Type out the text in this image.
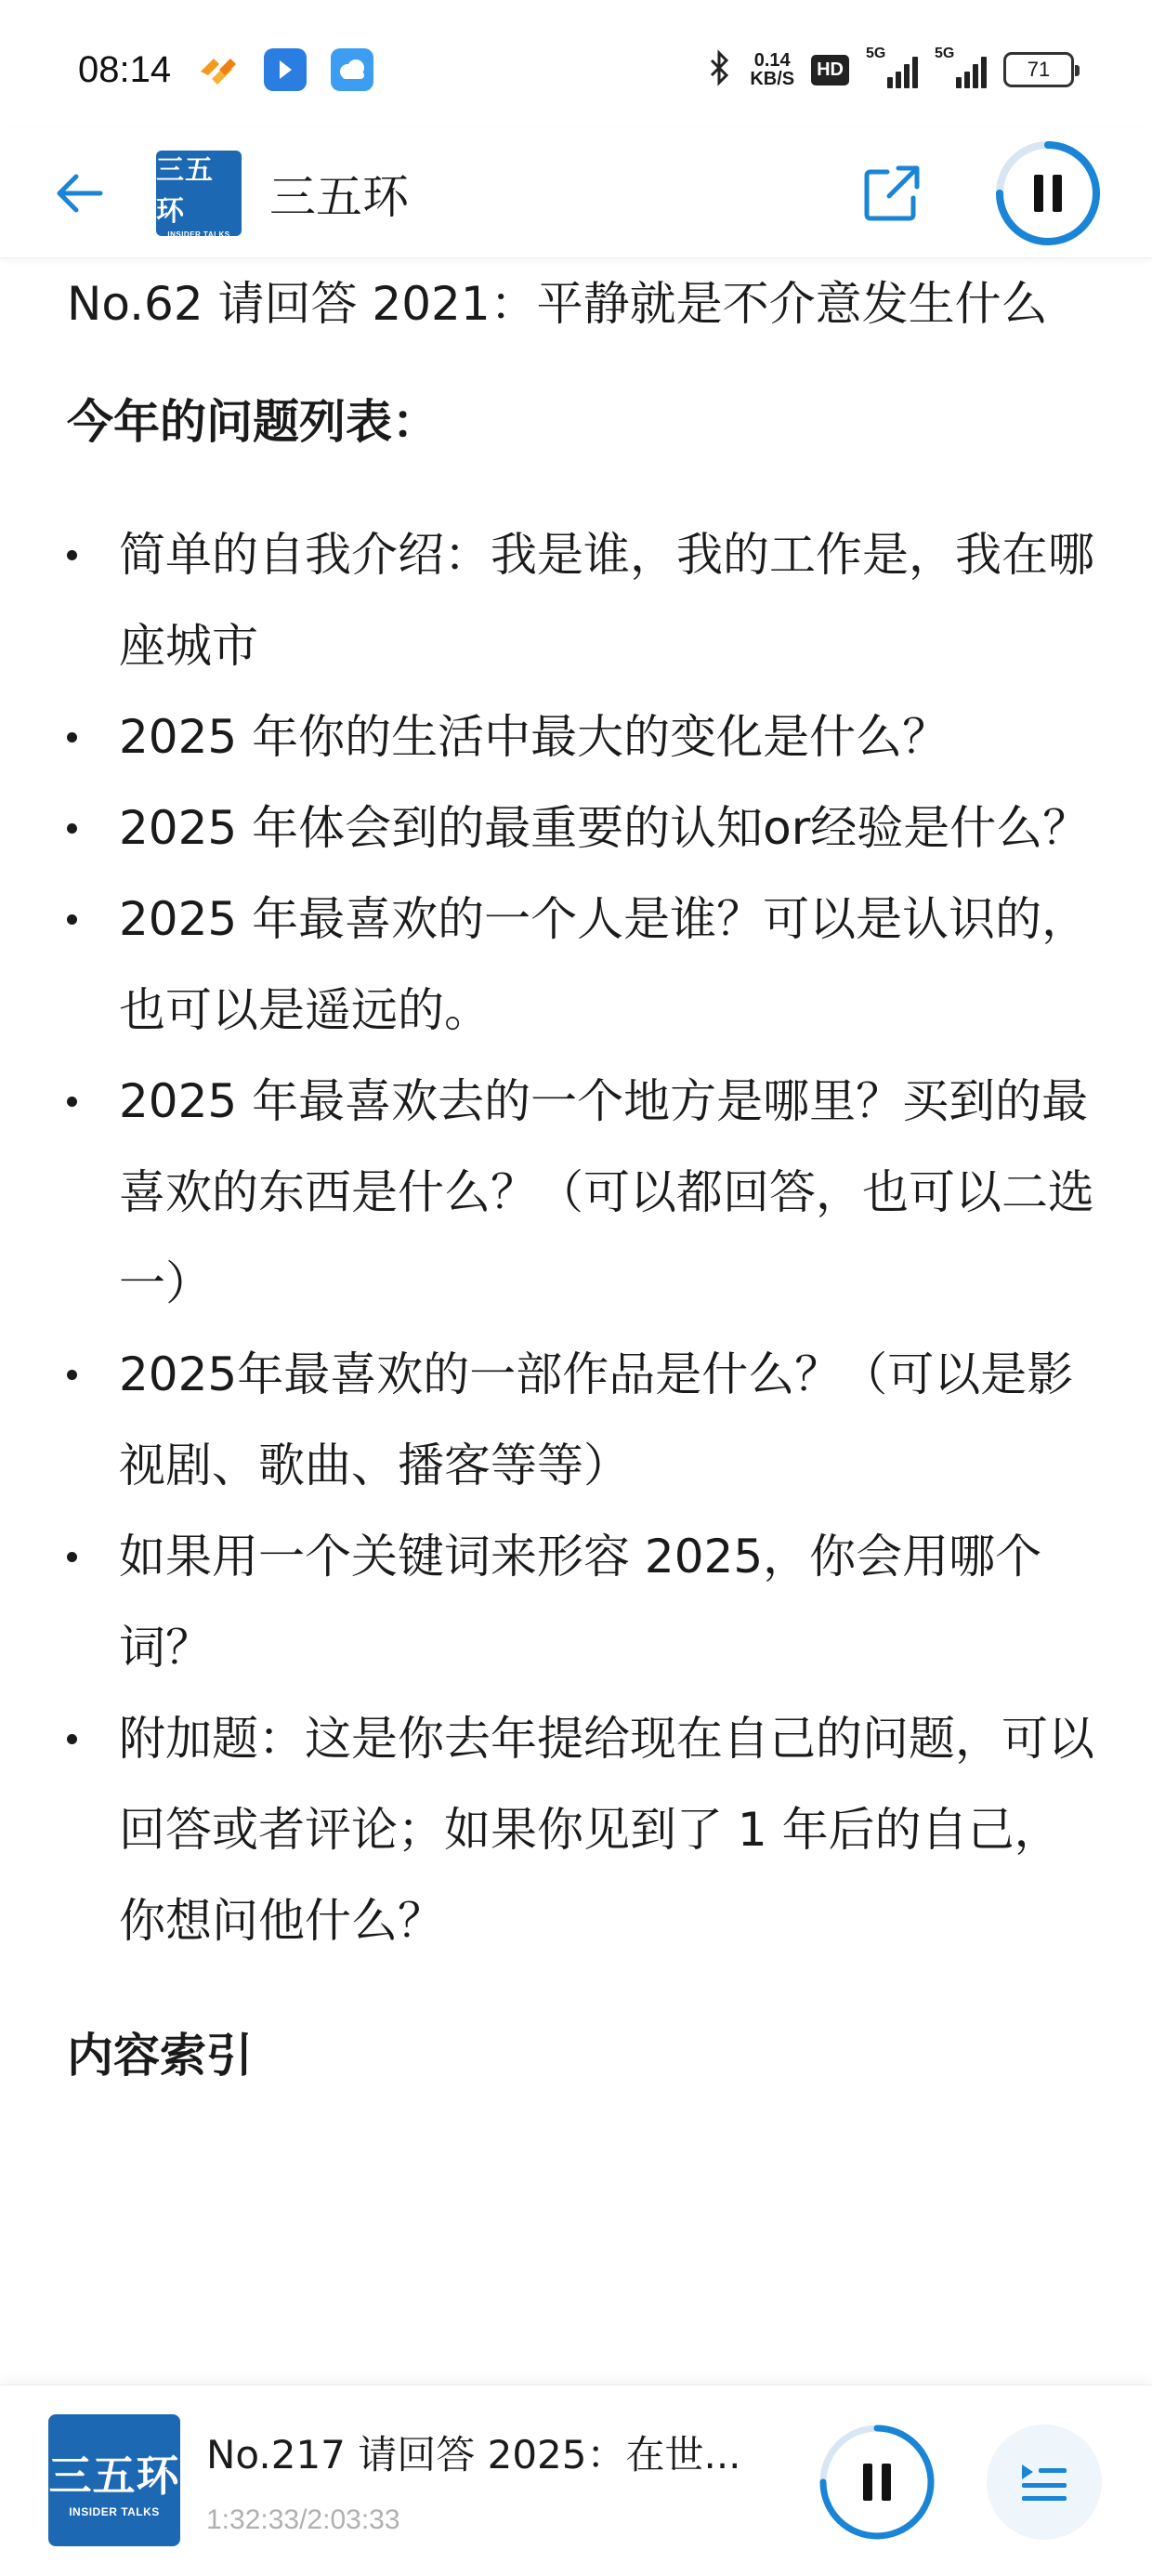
08:14	0.14
KB/S	HD
5G	5G
71
三五环
INSIDER TALKS
三五环

No.62 请回答 2021：平静就是不介意发生什么

今年的问题列表：

简单的自我介绍：我是谁，我的工作是，我在哪座城市
2025 年你的生活中最大的变化是什么？
2025 年体会到的最重要的认知or经验是什么？
2025 年最喜欢的一个人是谁？可以是认识的，也可以是遥远的。
2025 年最喜欢去的一个地方是哪里？买到的最喜欢的东西是什么？（可以都回答，也可以二选一）
2025年最喜欢的一部作品是什么？（可以是影视剧、歌曲、播客等等）
如果用一个关键词来形容 2025，你会用哪个词？
附加题：这是你去年提给现在自己的问题，可以回答或者评论；如果你见到了 1 年后的自己，你想问他什么？

内容索引

三五环
INSIDER TALKS
No.217 请回答 2025：在世...
1:32:33/2:03:33
